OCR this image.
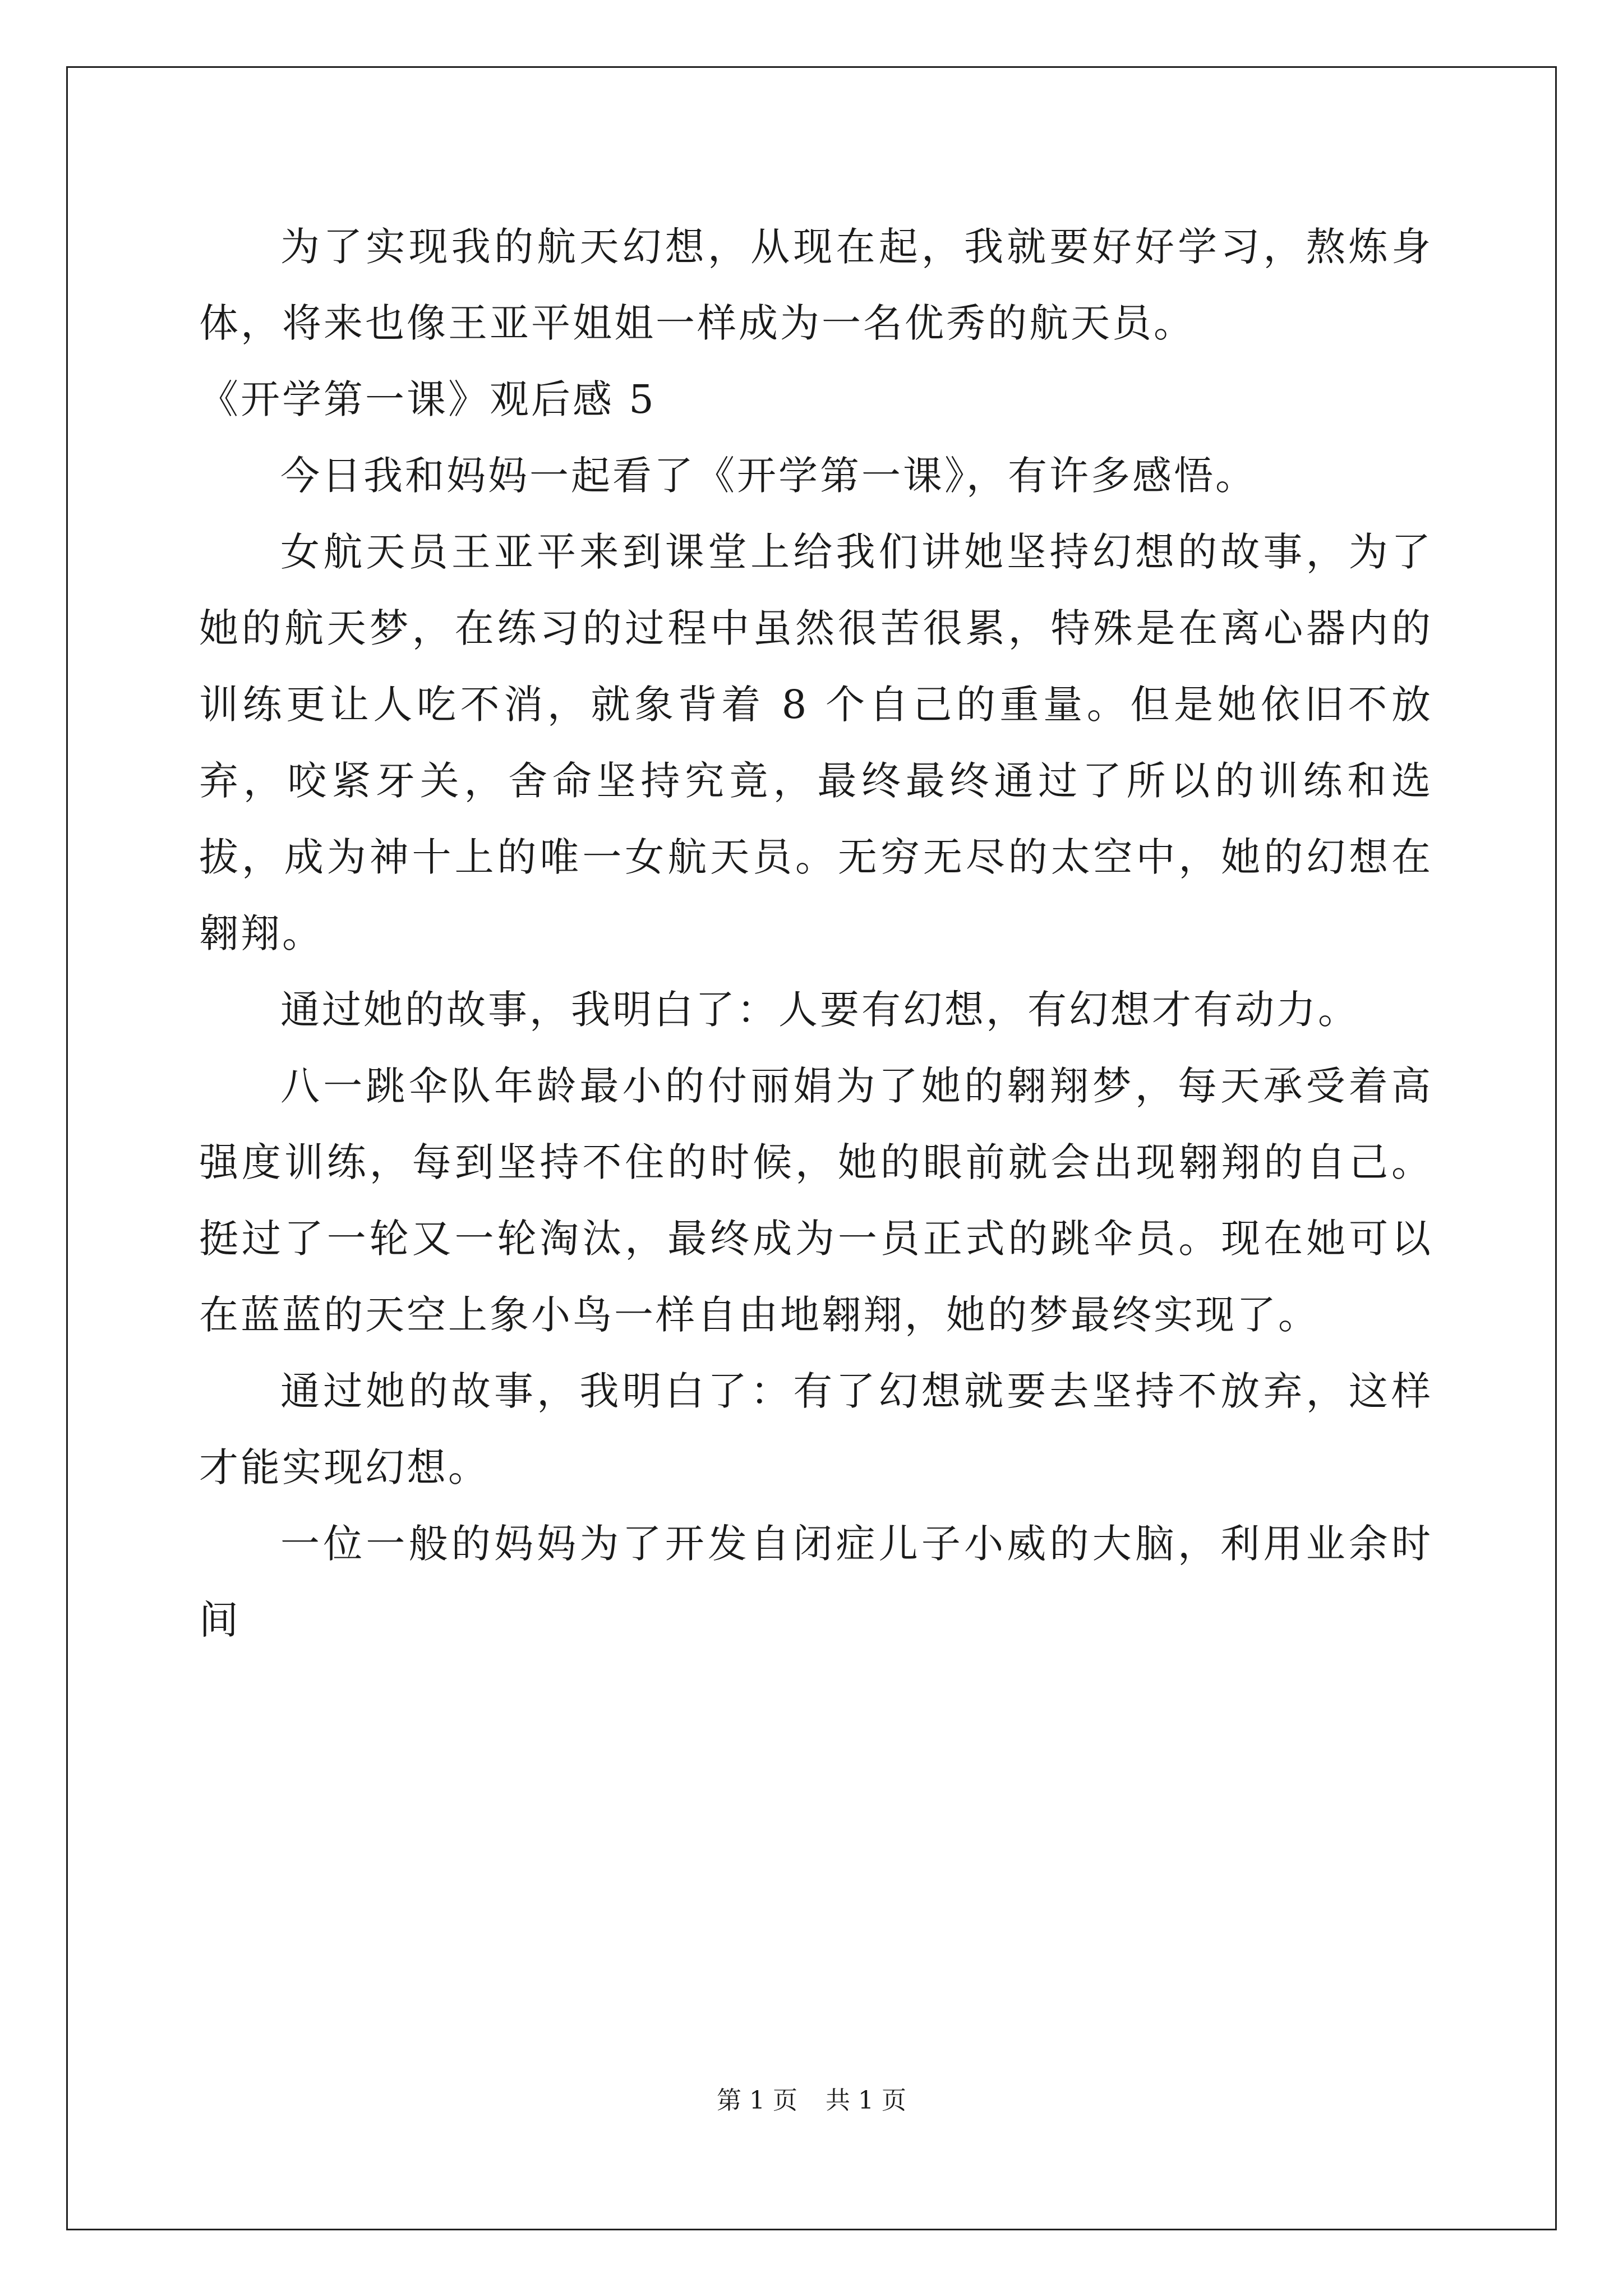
为了实现我的航天幻想，从现在起，我就要好好学习，熬炼身体，将来也像王亚平姐姐一样成为一名优秀的航天员。

《开学第一课》观后感 5

今日我和妈妈一起看了《开学第一课》，有许多感悟。

女航天员王亚平来到课堂上给我们讲她坚持幻想的故事，为了她的航天梦，在练习的过程中虽然很苦很累，特殊是在离心器内的训练更让人吃不消，就象背着 8 个自己的重量。但是她依旧不放弃，咬紧牙关，舍命坚持究竟，最终最终通过了所以的训练和选拔，成为神十上的唯一女航天员。无穷无尽的太空中，她的幻想在翱翔。

通过她的故事，我明白了：人要有幻想，有幻想才有动力。

八一跳伞队年龄最小的付丽娟为了她的翱翔梦，每天承受着高强度训练，每到坚持不住的时候，她的眼前就会出现翱翔的自己。挺过了一轮又一轮淘汰，最终成为一员正式的跳伞员。现在她可以在蓝蓝的天空上象小鸟一样自由地翱翔，她的梦最终实现了。

通过她的故事，我明白了：有了幻想就要去坚持不放弃，这样才能实现幻想。

一位一般的妈妈为了开发自闭症儿子小威的大脑，利用业余时间

第 1 页 共 1 页
